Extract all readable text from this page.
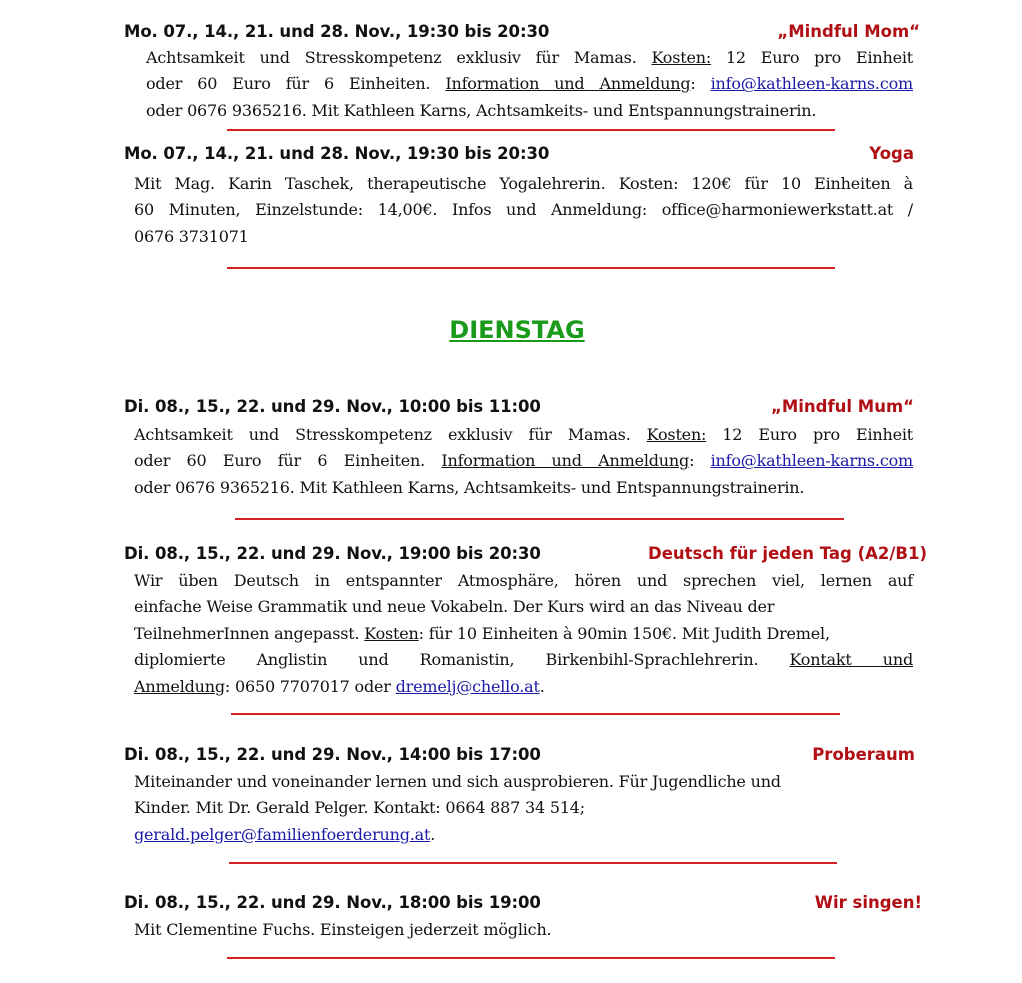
Mo. 07., 14., 21. und 28. Nov., 19:30 bis 20:30	„Mindful Mom“
Achtsamkeit und Stresskompetenz exklusiv für Mamas. Kosten: 12 Euro pro Einheit
oder 60 Euro für 6 Einheiten. Information und Anmeldung: info@kathleen-karns.com
oder 0676 9365216. Mit Kathleen Karns, Achtsamkeits- und Entspannungstrainerin.
Mo. 07., 14., 21. und 28. Nov., 19:30 bis 20:30	Yoga
Mit Mag. Karin Taschek, therapeutische Yogalehrerin. Kosten: 120€ für 10 Einheiten à
60 Minuten, Einzelstunde: 14,00€. Infos und Anmeldung: office@harmoniewerkstatt.at /
0676 3731071
DIENSTAG
Di. 08., 15., 22. und 29. Nov., 10:00 bis 11:00	„Mindful Mum“
Achtsamkeit und Stresskompetenz exklusiv für Mamas. Kosten: 12 Euro pro Einheit
oder 60 Euro für 6 Einheiten. Information und Anmeldung: info@kathleen-karns.com
oder 0676 9365216. Mit Kathleen Karns, Achtsamkeits- und Entspannungstrainerin.
Di. 08., 15., 22. und 29. Nov., 19:00 bis 20:30	Deutsch für jeden Tag (A2/B1)
Wir üben Deutsch in entspannter Atmosphäre, hören und sprechen viel, lernen auf
einfache Weise Grammatik und neue Vokabeln. Der Kurs wird an das Niveau der
TeilnehmerInnen angepasst. Kosten: für 10 Einheiten à 90min 150€. Mit Judith Dremel,
diplomierte Anglistin und Romanistin, Birkenbihl-Sprachlehrerin. Kontakt und
Anmeldung: 0650 7707017 oder dremelj@chello.at.
Di. 08., 15., 22. und 29. Nov., 14:00 bis 17:00	Proberaum
Miteinander und voneinander lernen und sich ausprobieren. Für Jugendliche und
Kinder. Mit Dr. Gerald Pelger. Kontakt: 0664 887 34 514;
gerald.pelger@familienfoerderung.at.
Di. 08., 15., 22. und 29. Nov., 18:00 bis 19:00	Wir singen!
Mit Clementine Fuchs. Einsteigen jederzeit möglich.
